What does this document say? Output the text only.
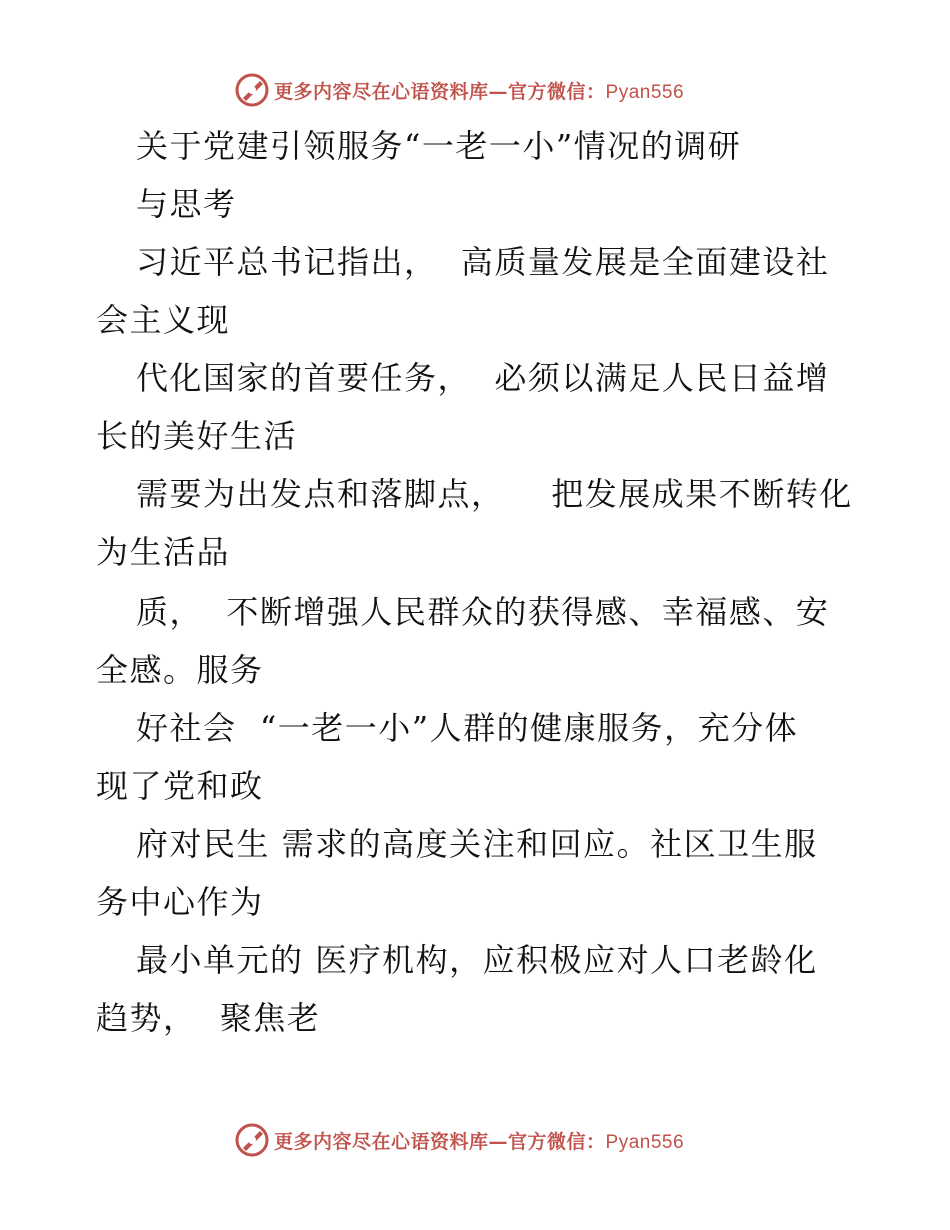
更多内容尽在心语资料库—官方微信：Pyan556
关于党建引领服务“一老一小”情况的调研
与思考
习近平总书记指出，  高质量发展是全面建设社
会主义现
代化国家的首要任务，  必须以满足人民日益增
长的美好生活
需要为出发点和落脚点，    把发展成果不断转化
为生活品
质，  不断增强人民群众的获得感、幸福感、安
全感。服务
好社会  “一老一小”人群的健康服务，充分体
现了党和政
府对民生 需求的高度关注和回应。社区卫生服
务中心作为
最小单元的 医疗机构，应积极应对人口老龄化
趋势，  聚焦老
更多内容尽在心语资料库—官方微信：Pyan556
